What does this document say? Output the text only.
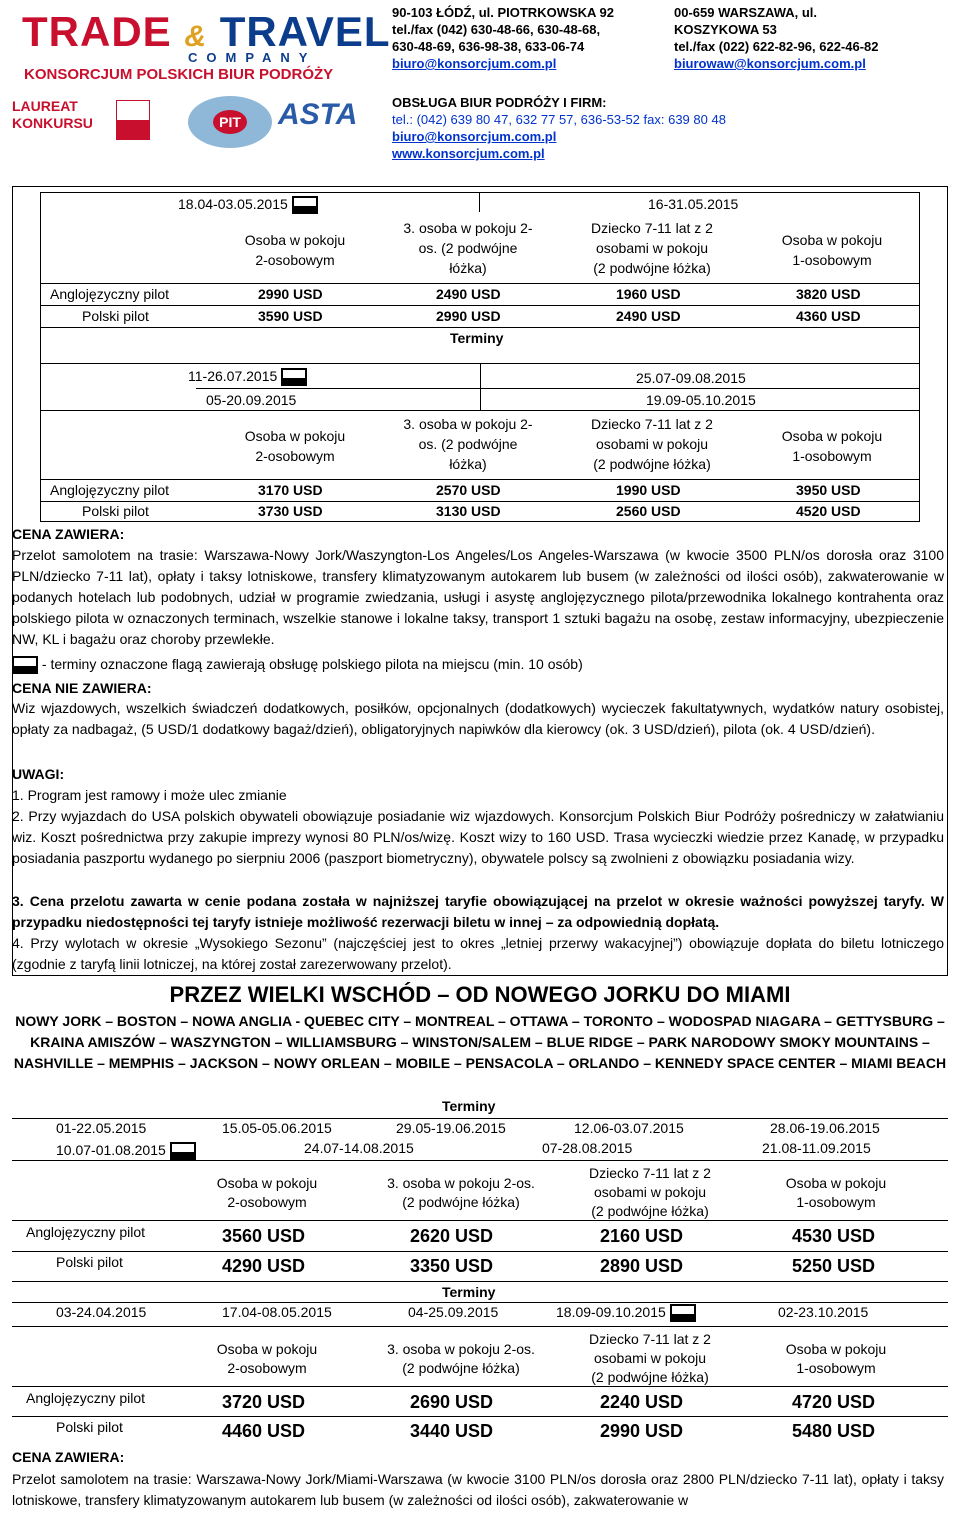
TRADE & TRAVEL
COMPANY
KONSORCJUM POLSKICH BIUR PODRÓŻY
LAUREAT
KONKURSU	PIT ASTA
90-103 ŁÓDŹ, ul. PIOTRKOWSKA 92
tel./fax (042) 630-48-66, 630-48-68,
630-48-69, 636-98-38, 633-06-74
biuro@konsorcjum.com.pl
00-659 WARSZAWA, ul.
KOSZYKOWA 53
tel./fax (022) 622-82-96, 622-46-82
biurowaw@konsorcjum.com.pl
OBSŁUGA BIUR PODRÓŻY I FIRM:
tel.: (042) 639 80 47, 632 77 57, 636-53-52 fax: 639 80 48
biuro@konsorcjum.com.pl
www.konsorcjum.com.pl
18.04-03.05.2015	16-31.05.2015
Osoba w pokoju
2-osobowym
3. osoba w pokoju 2-
os. (2 podwójne
łóżka)
Dziecko 7-11 lat z 2
osobami w pokoju
(2 podwójne łóżka)
Osoba w pokoju
1-osobowym
Anglojęzyczny pilot	2990 USD	2490 USD	1960 USD	3820 USD
Polski pilot	3590 USD	2990 USD	2490 USD	4360 USD
Terminy
11-26.07.2015	25.07-09.08.2015
05-20.09.2015	19.09-05.10.2015
Osoba w pokoju
2-osobowym
3. osoba w pokoju 2-
os. (2 podwójne
łóżka)
Dziecko 7-11 lat z 2
osobami w pokoju
(2 podwójne łóżka)
Osoba w pokoju
1-osobowym
Anglojęzyczny pilot	3170 USD	2570 USD	1990 USD	3950 USD
Polski pilot	3730 USD	3130 USD	2560 USD	4520 USD
CENA ZAWIERA:
Przelot samolotem na trasie: Warszawa-Nowy Jork/Waszyngton-Los Angeles/Los Angeles-Warszawa (w kwocie 3500 PLN/os dorosła oraz 3100 PLN/dziecko 7-11 lat), opłaty i taksy lotniskowe, transfery klimatyzowanym autokarem lub busem (w zależności od ilości osób), zakwaterowanie w podanych hotelach lub podobnych, udział w programie zwiedzania, usługi i asystę anglojęzycznego pilota/przewodnika lokalnego kontrahenta oraz polskiego pilota w oznaczonych terminach, wszelkie stanowe i lokalne taksy, transport 1 sztuki bagażu na osobę, zestaw informacyjny, ubezpieczenie NW, KL i bagażu oraz choroby przewlekłe.
- terminy oznaczone flagą zawierają obsługę polskiego pilota na miejscu (min. 10 osób)
CENA NIE ZAWIERA:
Wiz wjazdowych, wszelkich świadczeń dodatkowych, posiłków, opcjonalnych (dodatkowych) wycieczek fakultatywnych, wydatków natury osobistej, opłaty za nadbagaż, (5 USD/1 dodatkowy bagaż/dzień), obligatoryjnych napiwków dla kierowcy (ok. 3 USD/dzień), pilota (ok. 4 USD/dzień).
UWAGI:
1. Program jest ramowy i może ulec zmianie
2. Przy wyjazdach do USA polskich obywateli obowiązuje posiadanie wiz wjazdowych. Konsorcjum Polskich Biur Podróży pośredniczy w załatwianiu wiz. Koszt pośrednictwa przy zakupie imprezy wynosi 80 PLN/os/wizę. Koszt wizy to 160 USD. Trasa wycieczki wiedzie przez Kanadę, w przypadku posiadania paszportu wydanego po sierpniu 2006 (paszport biometryczny), obywatele polscy są zwolnieni z obowiązku posiadania wizy.
3. Cena przelotu zawarta w cenie podana została w najniższej taryfie obowiązującej na przelot w okresie ważności powyższej taryfy. W przypadku niedostępności tej taryfy istnieje możliwość rezerwacji biletu w innej – za odpowiednią dopłatą.
4. Przy wylotach w okresie „Wysokiego Sezonu” (najczęściej jest to okres „letniej przerwy wakacyjnej”) obowiązuje dopłata do biletu lotniczego (zgodnie z taryfą linii lotniczej, na której został zarezerwowany przelot).
PRZEZ WIELKI WSCHÓD – OD NOWEGO JORKU DO MIAMI
NOWY JORK – BOSTON – NOWA ANGLIA - QUEBEC CITY – MONTREAL – OTTAWA – TORONTO – WODOSPAD NIAGARA – GETTYSBURG – KRAINA AMISZÓW – WASZYNGTON – WILLIAMSBURG – WINSTON/SALEM – BLUE RIDGE – PARK NARODOWY SMOKY MOUNTAINS – NASHVILLE – MEMPHIS – JACKSON – NOWY ORLEAN – MOBILE – PENSACOLA – ORLANDO – KENNEDY SPACE CENTER – MIAMI BEACH
Terminy
01-22.05.2015	15.05-05.06.2015	29.05-19.06.2015	12.06-03.07.2015	28.06-19.06.2015
10.07-01.08.2015	24.07-14.08.2015	07-28.08.2015	21.08-11.09.2015
Osoba w pokoju
2-osobowym
3. osoba w pokoju 2-os.
(2 podwójne łóżka)
Dziecko 7-11 lat z 2
osobami w pokoju
(2 podwójne łóżka)
Osoba w pokoju
1-osobowym
Anglojęzyczny pilot	3560 USD	2620 USD	2160 USD	4530 USD
Polski pilot	4290 USD	3350 USD	2890 USD	5250 USD
Terminy
03-24.04.2015	17.04-08.05.2015	04-25.09.2015	18.09-09.10.2015	02-23.10.2015
Osoba w pokoju
2-osobowym
3. osoba w pokoju 2-os.
(2 podwójne łóżka)
Dziecko 7-11 lat z 2
osobami w pokoju
(2 podwójne łóżka)
Osoba w pokoju
1-osobowym
Anglojęzyczny pilot	3720 USD	2690 USD	2240 USD	4720 USD
Polski pilot	4460 USD	3440 USD	2990 USD	5480 USD
CENA ZAWIERA:
Przelot samolotem na trasie: Warszawa-Nowy Jork/Miami-Warszawa (w kwocie 3100 PLN/os dorosła oraz 2800 PLN/dziecko 7-11 lat), opłaty i taksy lotniskowe, transfery klimatyzowanym autokarem lub busem (w zależności od ilości osób), zakwaterowanie w
